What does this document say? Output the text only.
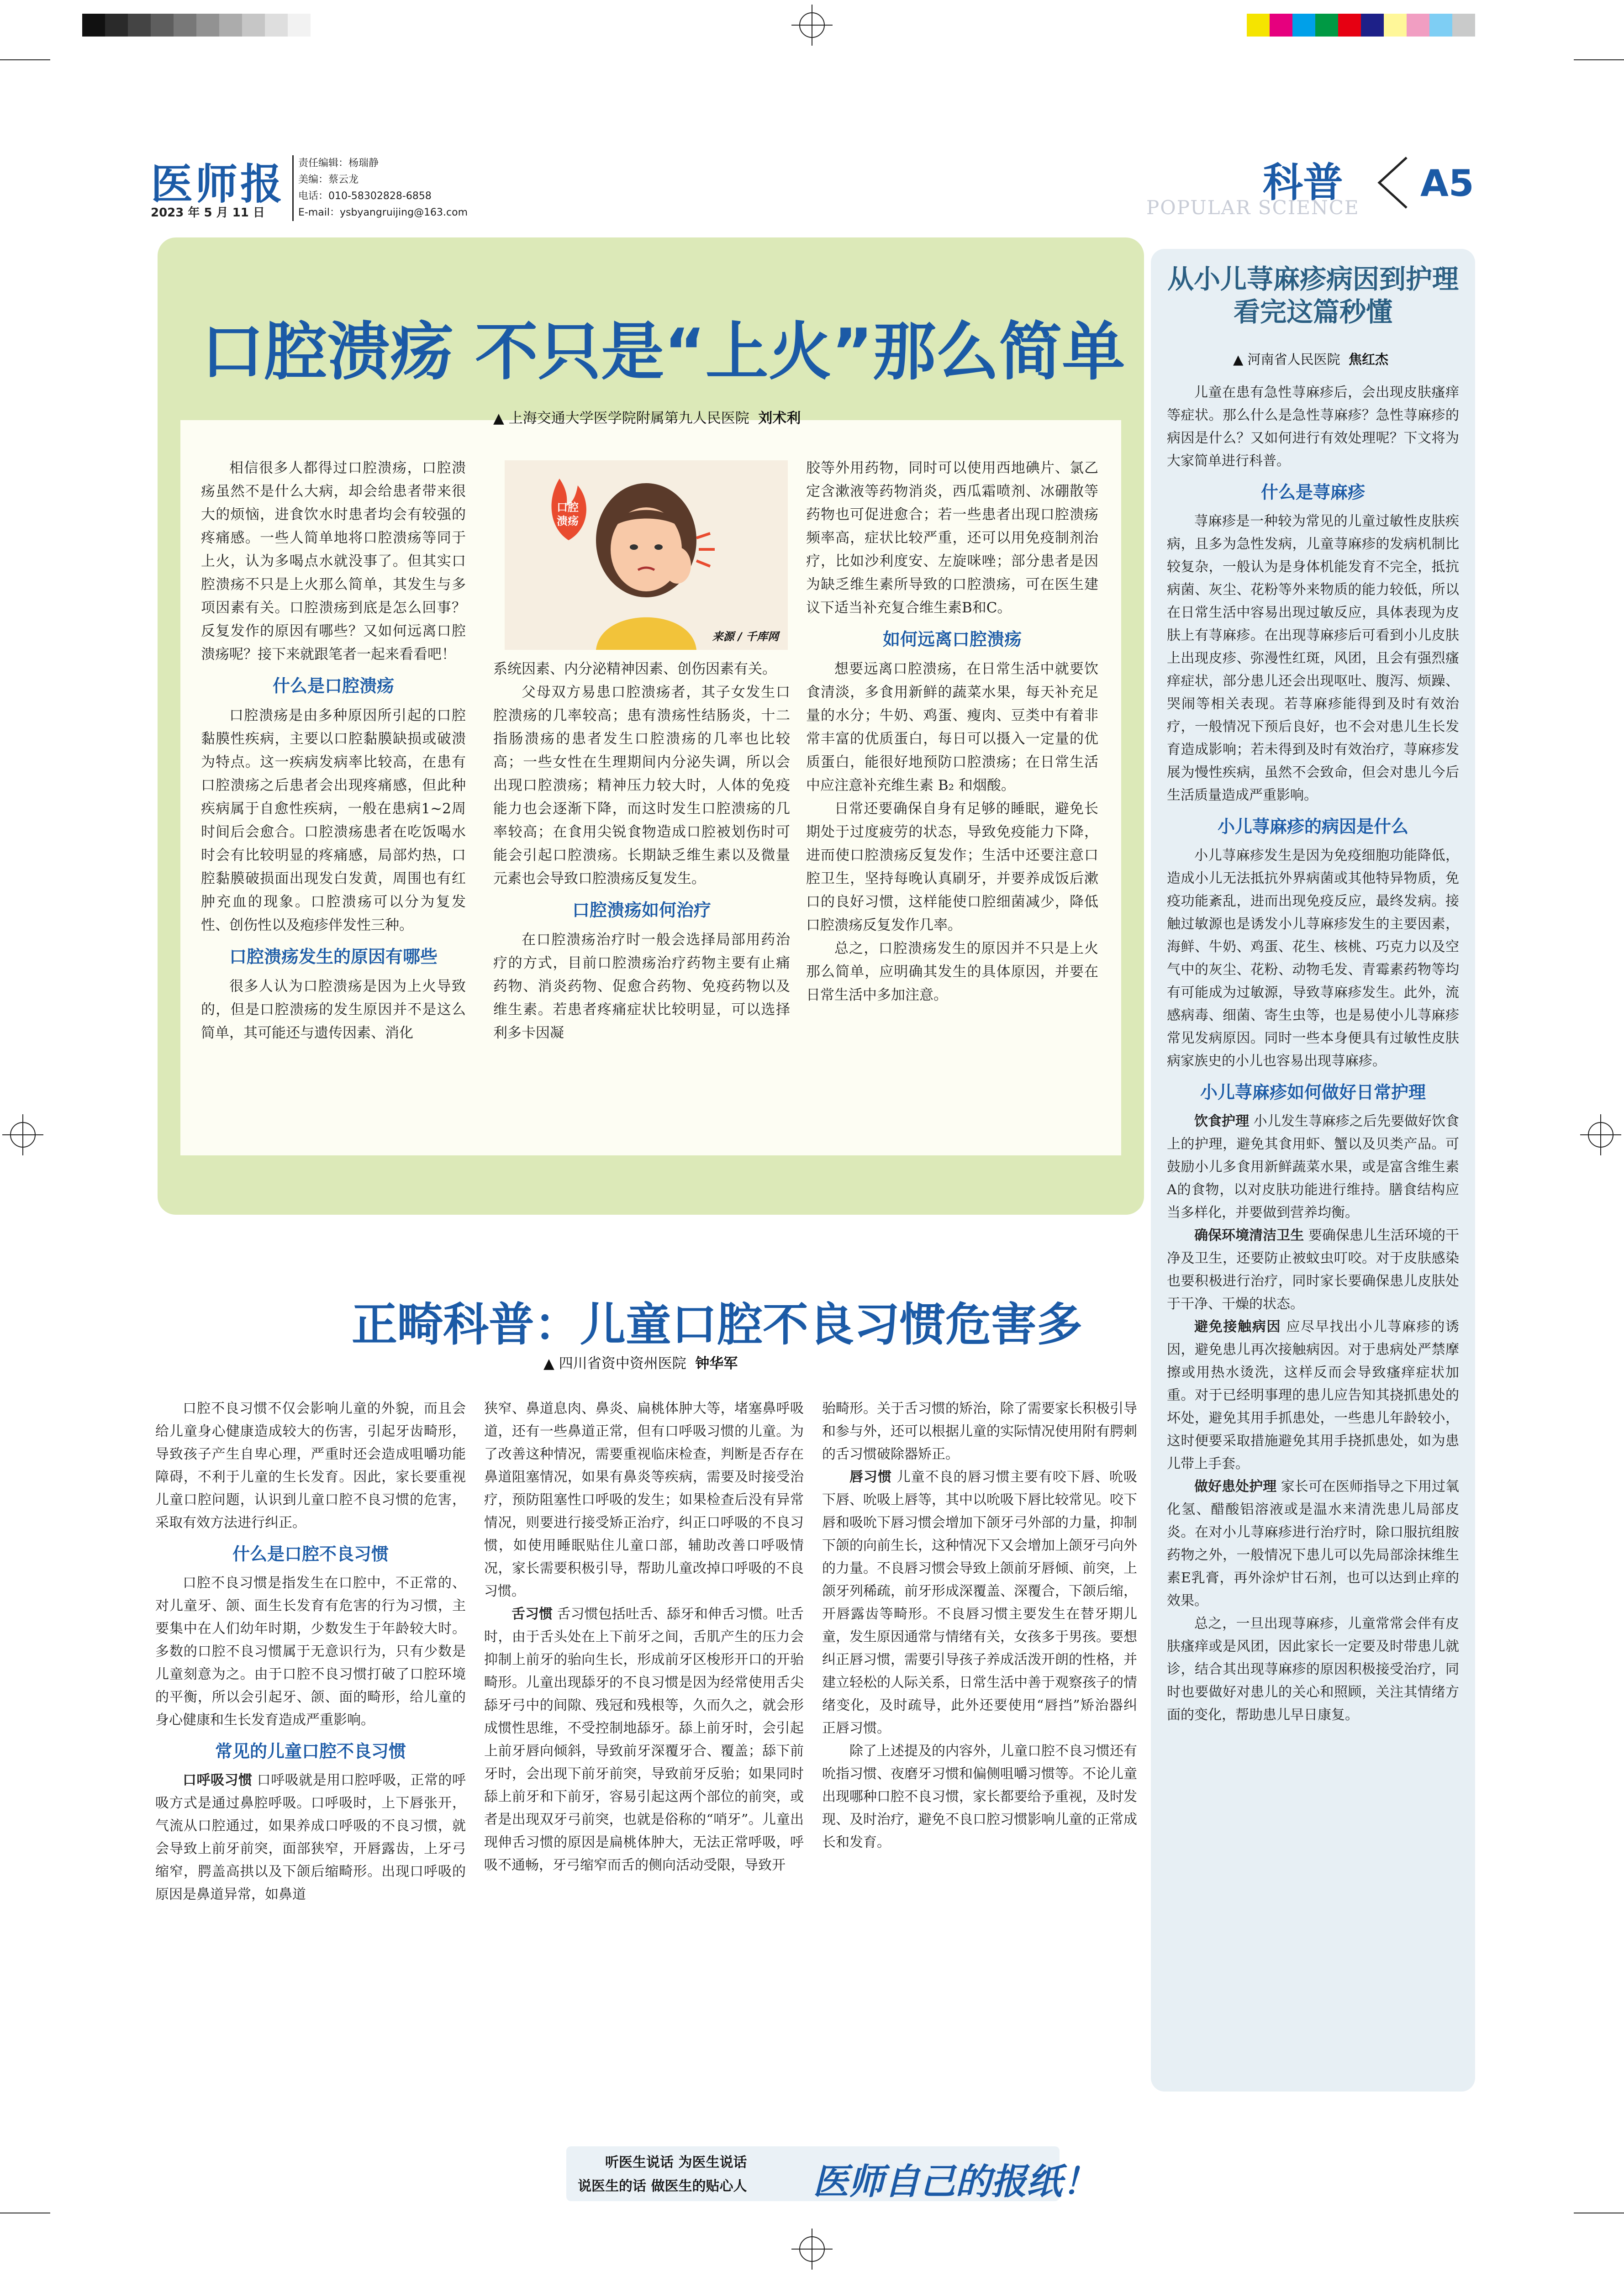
医师报
2023 年 5 月 11 日
责任编辑：杨瑞静
美编：蔡云龙
电话：010-58302828-6858
E-mail：ysbyangruijing@163.com
科普
POPULAR SCIENCE
A5
口腔溃疡 不只是“上火”那么简单
▲ 上海交通大学医学院附属第九人民医院 刘术利

相信很多人都得过口腔溃疡，口腔溃疡虽然不是什么大病，却会给患者带来很大的烦恼，进食饮水时患者均会有较强的疼痛感。一些人简单地将口腔溃疡等同于上火，认为多喝点水就没事了。但其实口腔溃疡不只是上火那么简单，其发生与多项因素有关。口腔溃疡到底是怎么回事？反复发作的原因有哪些？又如何远离口腔溃疡呢？接下来就跟笔者一起来看看吧！

什么是口腔溃疡

口腔溃疡是由多种原因所引起的口腔黏膜性疾病，主要以口腔黏膜缺损或破溃为特点。这一疾病发病率比较高，在患有口腔溃疡之后患者会出现疼痛感，但此种疾病属于自愈性疾病，一般在患病1~2周时间后会愈合。口腔溃疡患者在吃饭喝水时会有比较明显的疼痛感，局部灼热，口腔黏膜破损面出现发白发黄，周围也有红肿充血的现象。口腔溃疡可以分为复发性、创伤性以及疱疹伴发性三种。

口腔溃疡发生的原因有哪些

很多人认为口腔溃疡是因为上火导致的，但是口腔溃疡的发生原因并不是这么简单，其可能还与遗传因素、消化

口腔
溃疡
来源 / 千库网

系统因素、内分泌精神因素、创伤因素有关。

父母双方易患口腔溃疡者，其子女发生口腔溃疡的几率较高；患有溃疡性结肠炎，十二指肠溃疡的患者发生口腔溃疡的几率也比较高；一些女性在生理期间内分泌失调，所以会出现口腔溃疡；精神压力较大时，人体的免疫能力也会逐渐下降，而这时发生口腔溃疡的几率较高；在食用尖锐食物造成口腔被划伤时可能会引起口腔溃疡。长期缺乏维生素以及微量元素也会导致口腔溃疡反复发生。

口腔溃疡如何治疗

在口腔溃疡治疗时一般会选择局部用药治疗的方式，目前口腔溃疡治疗药物主要有止痛药物、消炎药物、促愈合药物、免疫药物以及维生素。若患者疼痛症状比较明显，可以选择利多卡因凝

胶等外用药物，同时可以使用西地碘片、氯乙定含漱液等药物消炎，西瓜霜喷剂、冰硼散等药物也可促进愈合；若一些患者出现口腔溃疡频率高，症状比较严重，还可以用免疫制剂治疗，比如沙利度安、左旋咪唑；部分患者是因为缺乏维生素所导致的口腔溃疡，可在医生建议下适当补充复合维生素B和C。

如何远离口腔溃疡

想要远离口腔溃疡，在日常生活中就要饮食清淡，多食用新鲜的蔬菜水果，每天补充足量的水分；牛奶、鸡蛋、瘦肉、豆类中有着非常丰富的优质蛋白，每日可以摄入一定量的优质蛋白，能很好地预防口腔溃疡；在日常生活中应注意补充维生素 B₂ 和烟酸。

日常还要确保自身有足够的睡眠，避免长期处于过度疲劳的状态，导致免疫能力下降，进而使口腔溃疡反复发作；生活中还要注意口腔卫生，坚持每晚认真刷牙，并要养成饭后漱口的良好习惯，这样能使口腔细菌减少，降低口腔溃疡反复发作几率。

总之，口腔溃疡发生的原因并不只是上火那么简单，应明确其发生的具体原因，并要在日常生活中多加注意。

从小儿荨麻疹病因到护理
看完这篇秒懂
▲ 河南省人民医院 焦红杰

儿童在患有急性荨麻疹后，会出现皮肤瘙痒等症状。那么什么是急性荨麻疹？急性荨麻疹的病因是什么？又如何进行有效处理呢？下文将为大家简单进行科普。

什么是荨麻疹

荨麻疹是一种较为常见的儿童过敏性皮肤疾病，且多为急性发病，儿童荨麻疹的发病机制比较复杂，一般认为是身体机能发育不完全，抵抗病菌、灰尘、花粉等外来物质的能力较低，所以在日常生活中容易出现过敏反应，具体表现为皮肤上有荨麻疹。在出现荨麻疹后可看到小儿皮肤上出现皮疹、弥漫性红斑，风团，且会有强烈瘙痒症状，部分患儿还会出现呕吐、腹泻、烦躁、哭闹等相关表现。若荨麻疹能得到及时有效治疗，一般情况下预后良好，也不会对患儿生长发育造成影响；若未得到及时有效治疗，荨麻疹发展为慢性疾病，虽然不会致命，但会对患儿今后生活质量造成严重影响。

小儿荨麻疹的病因是什么

小儿荨麻疹发生是因为免疫细胞功能降低，造成小儿无法抵抗外界病菌或其他特异物质，免疫功能紊乱，进而出现免疫反应，最终发病。接触过敏源也是诱发小儿荨麻疹发生的主要因素，海鲜、牛奶、鸡蛋、花生、核桃、巧克力以及空气中的灰尘、花粉、动物毛发、青霉素药物等均有可能成为过敏源，导致荨麻疹发生。此外，流感病毒、细菌、寄生虫等，也是易使小儿荨麻疹常见发病原因。同时一些本身便具有过敏性皮肤病家族史的小儿也容易出现荨麻疹。

小儿荨麻疹如何做好日常护理

饮食护理 小儿发生荨麻疹之后先要做好饮食上的护理，避免其食用虾、蟹以及贝类产品。可鼓励小儿多食用新鲜蔬菜水果，或是富含维生素A的食物，以对皮肤功能进行维持。膳食结构应当多样化，并要做到营养均衡。

确保环境清洁卫生 要确保患儿生活环境的干净及卫生，还要防止被蚊虫叮咬。对于皮肤感染也要积极进行治疗，同时家长要确保患儿皮肤处于干净、干燥的状态。

避免接触病因 应尽早找出小儿荨麻疹的诱因，避免患儿再次接触病因。对于患病处严禁摩擦或用热水烫洗，这样反而会导致瘙痒症状加重。对于已经明事理的患儿应告知其挠抓患处的坏处，避免其用手抓患处，一些患儿年龄较小，这时便要采取措施避免其用手挠抓患处，如为患儿带上手套。

做好患处护理 家长可在医师指导之下用过氧化氢、醋酸铝溶液或是温水来清洗患儿局部皮炎。在对小儿荨麻疹进行治疗时，除口服抗组胺药物之外，一般情况下患儿可以先局部涂抹维生素E乳膏，再外涂炉甘石剂，也可以达到止痒的效果。

总之，一旦出现荨麻疹，儿童常常会伴有皮肤瘙痒或是风团，因此家长一定要及时带患儿就诊，结合其出现荨麻疹的原因积极接受治疗，同时也要做好对患儿的关心和照顾，关注其情绪方面的变化，帮助患儿早日康复。

正畸科普：儿童口腔不良习惯危害多
▲ 四川省资中资州医院 钟华军

口腔不良习惯不仅会影响儿童的外貌，而且会给儿童身心健康造成较大的伤害，引起牙齿畸形，导致孩子产生自卑心理，严重时还会造成咀嚼功能障碍，不利于儿童的生长发育。因此，家长要重视儿童口腔问题，认识到儿童口腔不良习惯的危害，采取有效方法进行纠正。

什么是口腔不良习惯

口腔不良习惯是指发生在口腔中，不正常的、对儿童牙、颌、面生长发育有危害的行为习惯，主要集中在人们幼年时期，少数发生于年龄较大时。多数的口腔不良习惯属于无意识行为，只有少数是儿童刻意为之。由于口腔不良习惯打破了口腔环境的平衡，所以会引起牙、颌、面的畸形，给儿童的身心健康和生长发育造成严重影响。

常见的儿童口腔不良习惯

口呼吸习惯 口呼吸就是用口腔呼吸，正常的呼吸方式是通过鼻腔呼吸。口呼吸时，上下唇张开，气流从口腔通过，如果养成口呼吸的不良习惯，就会导致上前牙前突，面部狭窄，开唇露齿，上牙弓缩窄，腭盖高拱以及下颌后缩畸形。出现口呼吸的原因是鼻道异常，如鼻道

狭窄、鼻道息肉、鼻炎、扁桃体肿大等，堵塞鼻呼吸道，还有一些鼻道正常，但有口呼吸习惯的儿童。为了改善这种情况，需要重视临床检查，判断是否存在鼻道阻塞情况，如果有鼻炎等疾病，需要及时接受治疗，预防阻塞性口呼吸的发生；如果检查后没有异常情况，则要进行接受矫正治疗，纠正口呼吸的不良习惯，如使用睡眠贴住儿童口部，辅助改善口呼吸情况，家长需要积极引导，帮助儿童改掉口呼吸的不良习惯。

舌习惯 舌习惯包括吐舌、舔牙和伸舌习惯。吐舌时，由于舌头处在上下前牙之间，舌肌产生的压力会抑制上前牙的骀向生长，形成前牙区梭形开口的开骀畸形。儿童出现舔牙的不良习惯是因为经常使用舌尖舔牙弓中的间隙、残冠和残根等，久而久之，就会形成惯性思维，不受控制地舔牙。舔上前牙时，会引起上前牙唇向倾斜，导致前牙深覆牙合、覆盖；舔下前牙时，会出现下前牙前突，导致前牙反骀；如果同时舔上前牙和下前牙，容易引起这两个部位的前突，或者是出现双牙弓前突，也就是俗称的“哨牙”。儿童出现伸舌习惯的原因是扁桃体肿大，无法正常呼吸，呼吸不通畅，牙弓缩窄而舌的侧向活动受限，导致开

骀畸形。关于舌习惯的矫治，除了需要家长积极引导和参与外，还可以根据儿童的实际情况使用附有腭刺的舌习惯破除器矫正。

唇习惯 儿童不良的唇习惯主要有咬下唇、吮吸下唇、吮吸上唇等，其中以吮吸下唇比较常见。咬下唇和吸吮下唇习惯会增加下颌牙弓外部的力量，抑制下颌的向前生长，这种情况下又会增加上颌牙弓向外的力量。不良唇习惯会导致上颌前牙唇倾、前突，上颌牙列稀疏，前牙形成深覆盖、深覆合，下颌后缩，开唇露齿等畸形。不良唇习惯主要发生在替牙期儿童，发生原因通常与情绪有关，女孩多于男孩。要想纠正唇习惯，需要引导孩子养成活泼开朗的性格，并建立轻松的人际关系，日常生活中善于观察孩子的情绪变化，及时疏导，此外还要使用“唇挡”矫治器纠正唇习惯。

除了上述提及的内容外，儿童口腔不良习惯还有吮指习惯、夜磨牙习惯和偏侧咀嚼习惯等。不论儿童出现哪种口腔不良习惯，家长都要给予重视，及时发现、及时治疗，避免不良口腔习惯影响儿童的正常成长和发育。

听医生说话 为医生说话
说医生的话 做医生的贴心人 医师自己的报纸！
